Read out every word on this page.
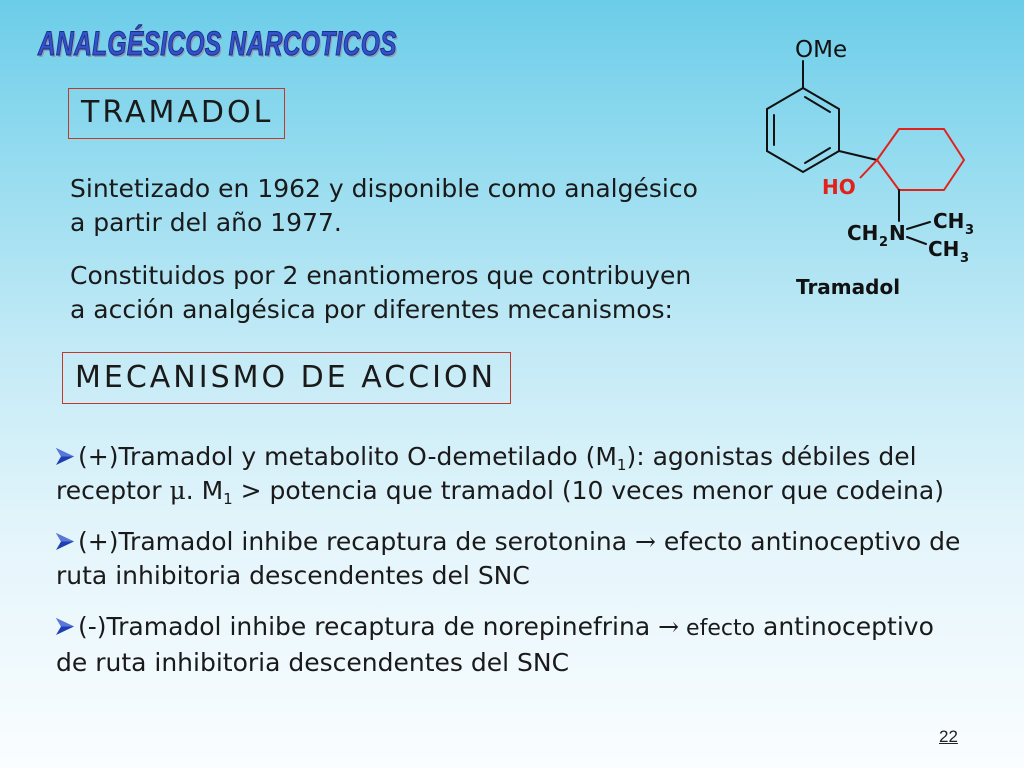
ANALGÉSICOS NARCOTICOS
TRAMADOL
Sintetizado en 1962 y disponible como analgésico
a partir del año 1977.
Constituidos por 2 enantiomeros que contribuyen
a acción analgésica por diferentes mecanismos:
OMe
HO
CH 2 N CH 3
CH 3
Tramadol
MECANISMO DE ACCION
(+)Tramadol y metabolito O-demetilado $(M_1)$: agonistas débiles del
receptor μ. $M_1$ > potencia que tramadol (10 veces menor que codeina)
(+)Tramadol inhibe recaptura de serotonina → efecto antinoceptivo de
ruta inhibitoria descendentes del SNC
(-)Tramadol inhibe recaptura de norepinefrina → efecto antinoceptivo
de ruta inhibitoria descendentes del SNC
22
